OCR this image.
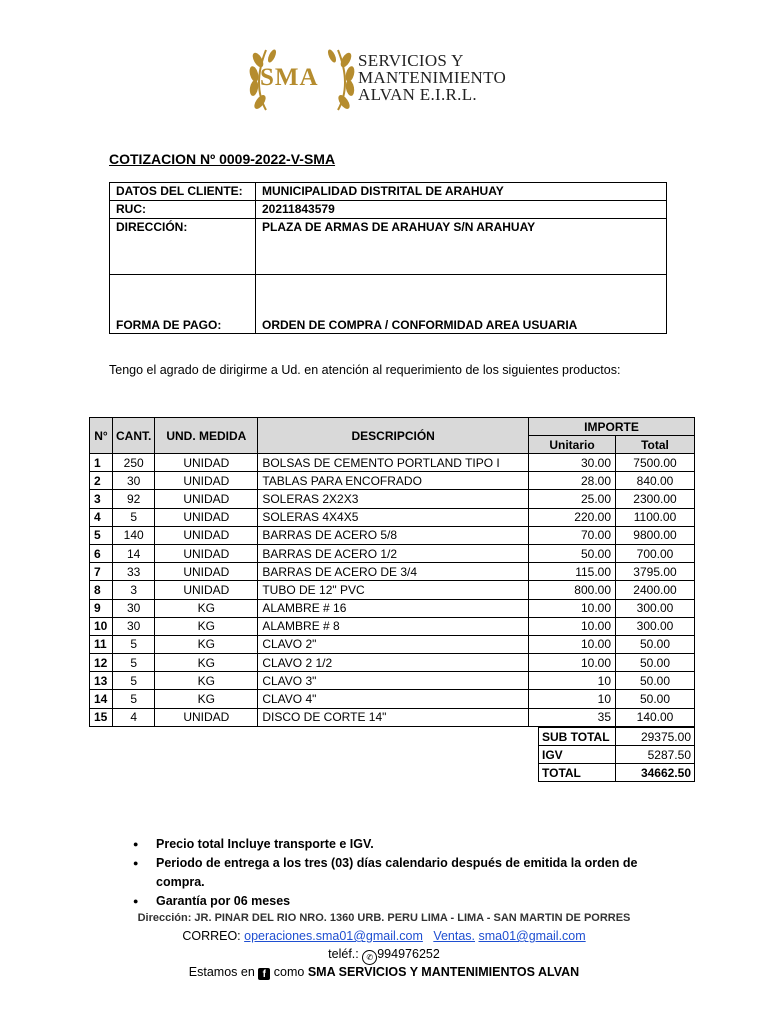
SMA
SERVICIOS Y
MANTENIMIENTO
ALVAN E.I.R.L.
COTIZACION Nº 0009-2022-V-SMA
DATOS DEL CLIENTE:	MUNICIPALIDAD DISTRITAL DE ARAHUAY
RUC:	20211843579
DIRECCIÓN:	PLAZA DE ARMAS DE ARAHUAY S/N ARAHUAY
FORMA DE PAGO:	ORDEN DE COMPRA / CONFORMIDAD AREA USUARIA
Tengo el agrado de dirigirme a Ud. en atención al requerimiento de los siguientes productos:
N°	CANT.	UND. MEDIDA	DESCRIPCIÓN	IMPORTE	
				Unitario	Total
1	250	UNIDAD	BOLSAS DE CEMENTO PORTLAND TIPO I	30.00	7500.00
2	30	UNIDAD	TABLAS PARA ENCOFRADO	28.00	840.00
3	92	UNIDAD	SOLERAS 2X2X3	25.00	2300.00
4	5	UNIDAD	SOLERAS 4X4X5	220.00	1100.00
5	140	UNIDAD	BARRAS DE ACERO 5/8	70.00	9800.00
6	14	UNIDAD	BARRAS DE ACERO 1/2	50.00	700.00
7	33	UNIDAD	BARRAS DE ACERO DE 3/4	115.00	3795.00
8	3	UNIDAD	TUBO DE 12" PVC	800.00	2400.00
9	30	KG	ALAMBRE # 16	10.00	300.00
10	30	KG	ALAMBRE # 8	10.00	300.00
11	5	KG	CLAVO 2"	10.00	50.00
12	5	KG	CLAVO 2 1/2	10.00	50.00
13	5	KG	CLAVO 3"	10	50.00
14	5	KG	CLAVO 4"	10	50.00
15	4	UNIDAD	DISCO DE CORTE 14"	35	140.00
SUB TOTAL	29375.00
IGV	5287.50
TOTAL	34662.50
● Precio total Incluye transporte e IGV.
● Periodo de entrega a los tres (03) días calendario después de emitida la orden de compra.
● Garantía por 06 meses
Dirección: JR. PINAR DEL RIO NRO. 1360 URB. PERU LIMA - LIMA - SAN MARTIN DE PORRES
CORREO: operaciones.sma01@gmail.com Ventas. sma01@gmail.com
teléf.: ✆ 994976252
Estamos en f como SMA SERVICIOS Y MANTENIMIENTOS ALVAN
